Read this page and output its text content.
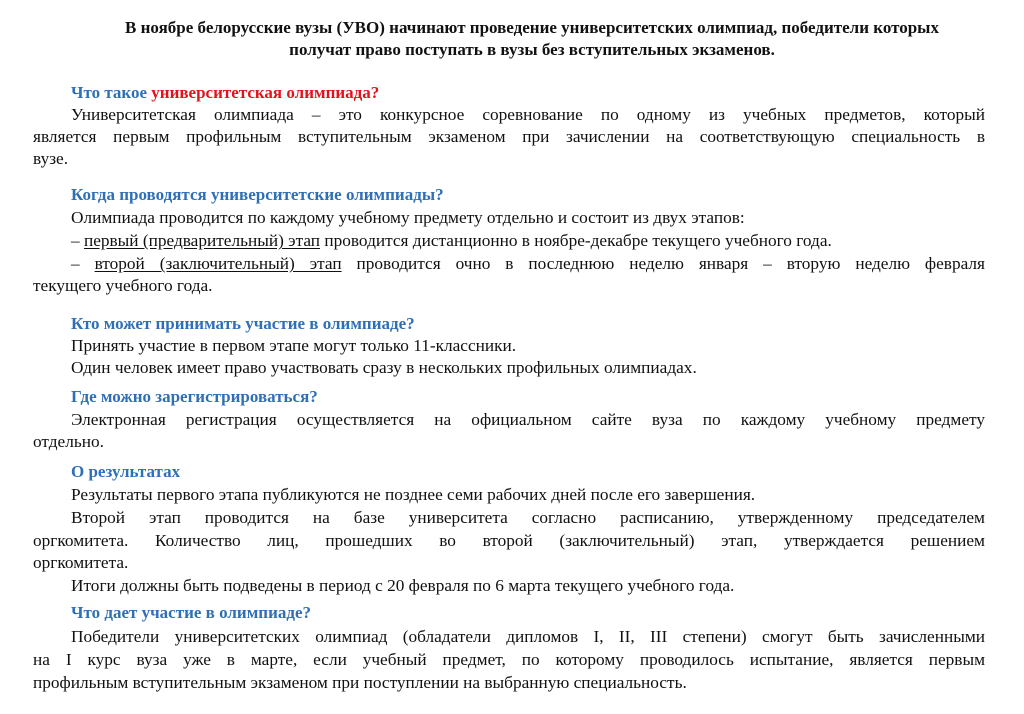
В ноябре белорусские вузы (УВО) начинают проведение университетских олимпиад, победители которых
получат право поступать в вузы без вступительных экзаменов.
Что такое университетская олимпиада?
Университетская олимпиада – это конкурсное соревнование по одному из учебных предметов, который
является первым профильным вступительным экзаменом при зачислении на соответствующую специальность в
вузе.
Когда проводятся университетские олимпиады?
Олимпиада проводится по каждому учебному предмету отдельно и состоит из двух этапов:
– первый (предварительный) этап проводится дистанционно в ноябре-декабре текущего учебного года.
– второй (заключительный) этап проводится очно в последнюю неделю января – вторую неделю февраля
текущего учебного года.
Кто может принимать участие в олимпиаде?
Принять участие в первом этапе могут только 11-классники.
Один человек имеет право участвовать сразу в нескольких профильных олимпиадах.
Где можно зарегистрироваться?
Электронная регистрация осуществляется на официальном сайте вуза по каждому учебному предмету
отдельно.
О результатах
Результаты первого этапа публикуются не позднее семи рабочих дней после его завершения.
Второй этап проводится на базе университета согласно расписанию, утвержденному председателем
оргкомитета. Количество лиц, прошедших во второй (заключительный) этап, утверждается решением
оргкомитета.
Итоги должны быть подведены в период с 20 февраля по 6 марта текущего учебного года.
Что дает участие в олимпиаде?
Победители университетских олимпиад (обладатели дипломов I, II, III степени) смогут быть зачисленными
на I курс вуза уже в марте, если учебный предмет, по которому проводилось испытание, является первым
профильным вступительным экзаменом при поступлении на выбранную специальность.
